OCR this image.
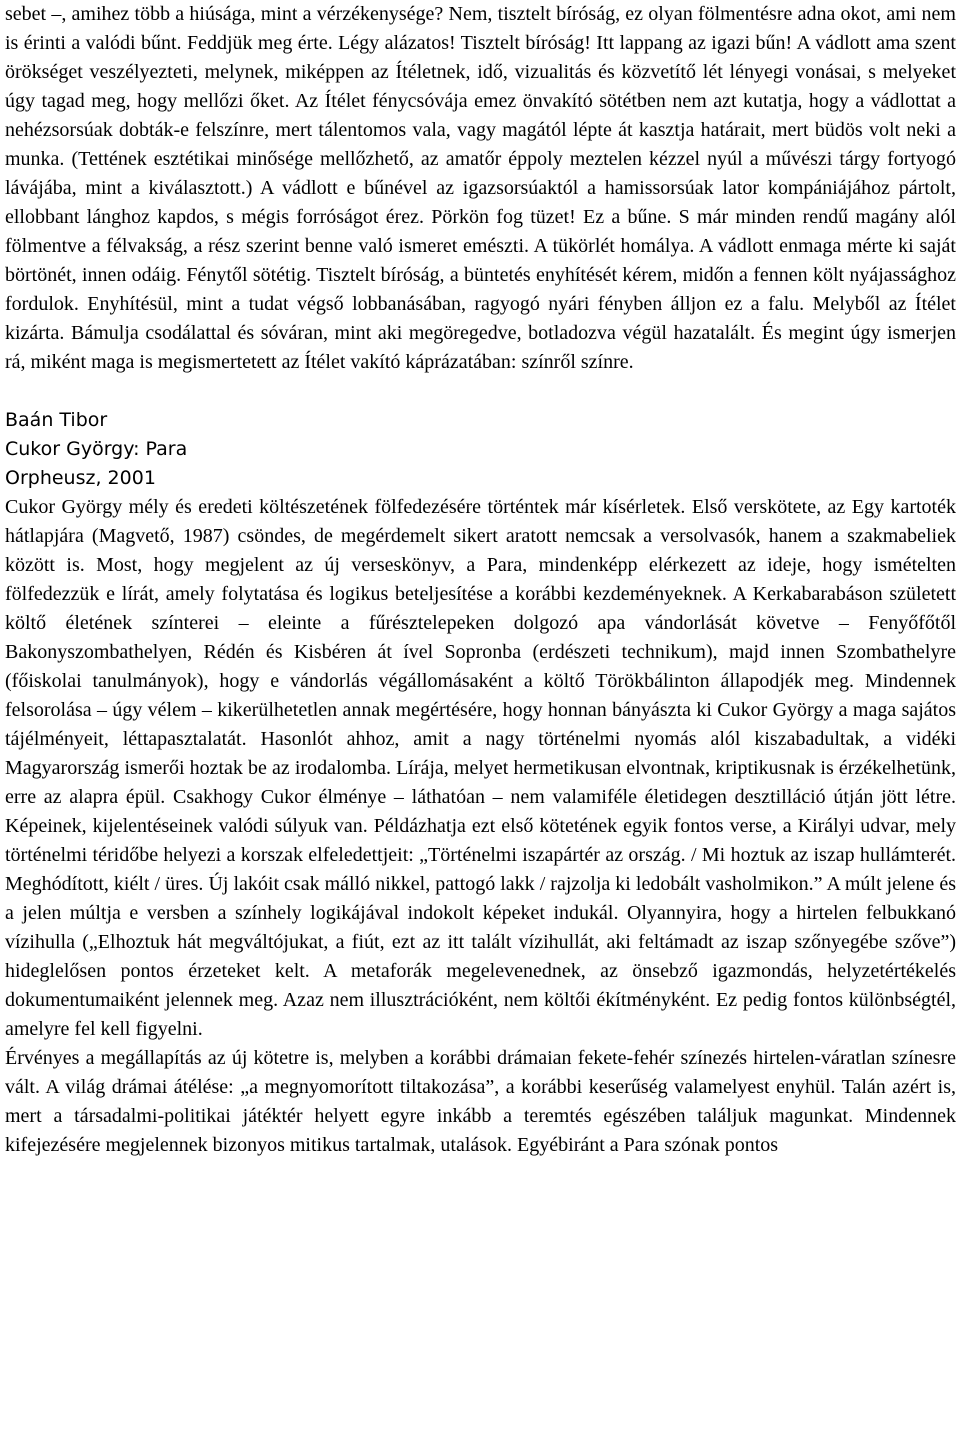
sebet –, amihez több a hiúsága, mint a vérzékenysége? Nem, tisztelt bíróság, ez olyan fölmentésre adna okot, ami nem is érinti a valódi bűnt. Feddjük meg érte. Légy alázatos! Tisztelt bíróság! Itt lappang az igazi bűn! A vádlott ama szent örökséget veszélyezteti, melynek, miképpen az Ítéletnek, idő, vizualitás és közvetítő lét lényegi vonásai, s melyeket úgy tagad meg, hogy mellőzi őket. Az Ítélet fénycsóvája emez önvakító sötétben nem azt kutatja, hogy a vádlottat a nehézsorsúak dobták-e felszínre, mert tálentomos vala, vagy magától lépte át kasztja határait, mert büdös volt neki a munka. (Tettének esztétikai minősége mellőzhető, az amatőr éppoly meztelen kézzel nyúl a művészi tárgy fortyogó lávájába, mint a kiválasztott.) A vádlott e bűnével az igazsorsúaktól a hamissorsúak lator kompániájához pártolt, ellobbant lánghoz kapdos, s mégis forróságot érez. Pörkön fog tüzet! Ez a bűne. S már minden rendű magány alól fölmentve a félvakság, a rész szerint benne való ismeret emészti. A tükörlét homálya. A vádlott enmaga mérte ki saját börtönét, innen odáig. Fénytől sötétig. Tisztelt bíróság, a büntetés enyhítését kérem, midőn a fennen költ nyájassághoz fordulok. Enyhítésül, mint a tudat végső lobbanásában, ragyogó nyári fényben álljon ez a falu. Melyből az Ítélet kizárta. Bámulja csodálattal és sóváran, mint aki megöregedve, botladozva végül hazatalált. És megint úgy ismerjen rá, miként maga is megismertetett az Ítélet vakító káprázatában: színről színre.

Baán Tibor

Cukor György: Para

Orpheusz, 2001

Cukor György mély és eredeti költészetének fölfedezésére történtek már kísérletek. Első verskötete, az Egy kartoték hátlapjára (Magvető, 1987) csöndes, de megérdemelt sikert aratott nemcsak a versolvasók, hanem a szakmabeliek között is. Most, hogy megjelent az új verseskönyv, a Para, mindenképp elérkezett az ideje, hogy ismételten fölfedezzük e lírát, amely folytatása és logikus beteljesítése a korábbi kezdeményeknek. A Kerkabarabáson született költő életének színterei – eleinte a fűrésztelepeken dolgozó apa vándorlását követve – Fenyőfőtől Bakonyszombathelyen, Rédén és Kisbéren át ível Sopronba (erdészeti technikum), majd innen Szombathelyre (főiskolai tanulmányok), hogy e vándorlás végállomásaként a költő Törökbálinton állapodjék meg. Mindennek felsorolása – úgy vélem – kikerülhetetlen annak megértésére, hogy honnan bányászta ki Cukor György a maga sajátos tájélményeit, léttapasztalatát. Hasonlót ahhoz, amit a nagy történelmi nyomás alól kiszabadultak, a vidéki Magyarország ismerői hoztak be az irodalomba. Lírája, melyet hermetikusan elvontnak, kriptikusnak is érzékelhetünk, erre az alapra épül. Csakhogy Cukor élménye – láthatóan – nem valamiféle életidegen desztilláció útján jött létre. Képeinek, kijelentéseinek valódi súlyuk van. Példázhatja ezt első kötetének egyik fontos verse, a Királyi udvar, mely történelmi téridőbe helyezi a korszak elfeledettjeit: „Történelmi iszapártér az ország. / Mi hoztuk az iszap hullámterét. Meghódított, kiélt / üres. Új lakóit csak málló nikkel, pattogó lakk / rajzolja ki ledobált vasholmikon.” A múlt jelene és a jelen múltja e versben a színhely logikájával indokolt képeket indukál. Olyannyira, hogy a hirtelen felbukkanó vízihulla („Elhoztuk hát megváltójukat, a fiút, ezt az itt talált vízihullát, aki feltámadt az iszap szőnyegébe szőve”) hideglelősen pontos érzeteket kelt. A metaforák megelevenednek, az önsebző igazmondás, helyzetértékelés dokumentumaiként jelennek meg. Azaz nem illusztrációként, nem költői ékítményként. Ez pedig fontos különbségtél, amelyre fel kell figyelni.

Érvényes a megállapítás az új kötetre is, melyben a korábbi drámaian fekete-fehér színezés hirtelen-váratlan színesre vált. A világ drámai átélése: „a megnyomorított tiltakozása”, a korábbi keserűség valamelyest enyhül. Talán azért is, mert a társadalmi-politikai játéktér helyett egyre inkább a teremtés egészében találjuk magunkat. Mindennek kifejezésére megjelennek bizonyos mitikus tartalmak, utalások. Egyébiránt a Para szónak pontos
